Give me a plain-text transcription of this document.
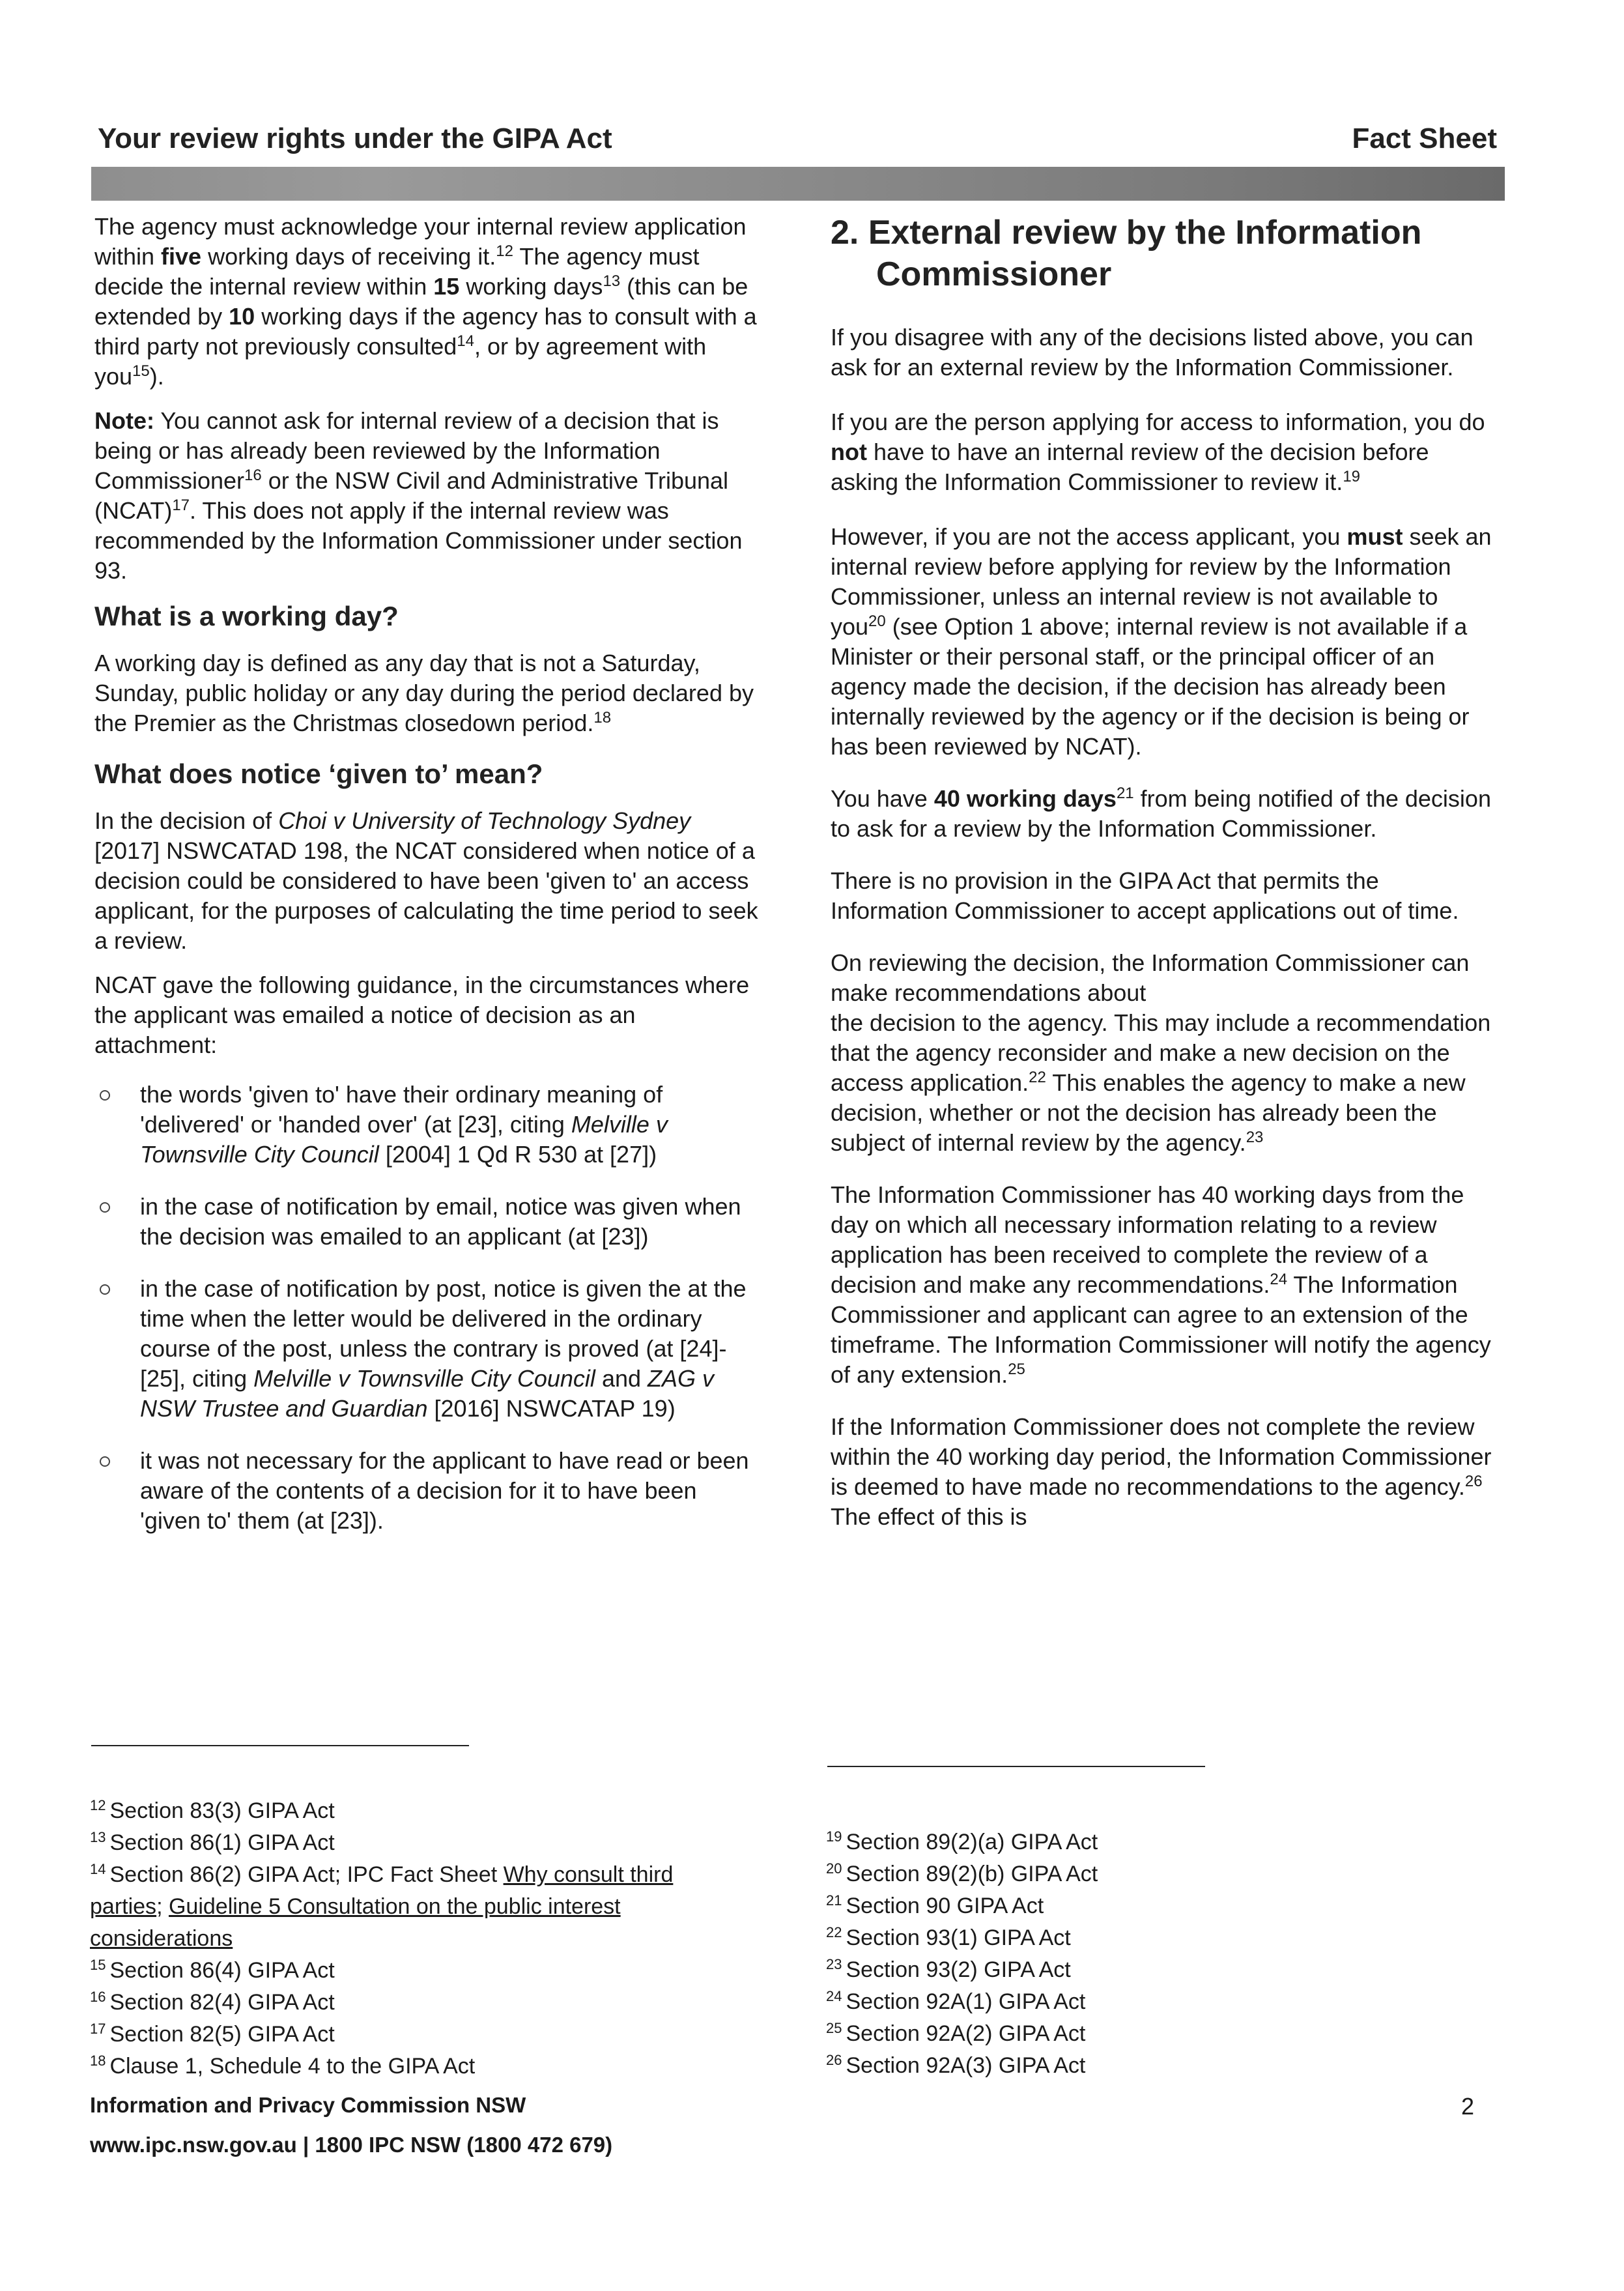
Your review rights under the GIPA Act	Fact Sheet

The agency must acknowledge your internal review application within five working days of receiving it.$^{12}$ The agency must decide the internal review within 15 working days$^{13}$ (this can be extended by 10 working days if the agency has to consult with a third party not previously consulted$^{14}$, or by agreement with you$^{15}$).

Note: You cannot ask for internal review of a decision that is being or has already been reviewed by the Information Commissioner$^{16}$ or the NSW Civil and Administrative Tribunal (NCAT)$^{17}$. This does not apply if the internal review was recommended by the Information Commissioner under section 93.

What is a working day?

A working day is defined as any day that is not a Saturday, Sunday, public holiday or any day during the period declared by the Premier as the Christmas closedown period.$^{18}$

What does notice ‘given to’ mean?

In the decision of Choi v University of Technology Sydney [2017] NSWCATAD 198, the NCAT considered when notice of a decision could be considered to have been 'given to' an access applicant, for the purposes of calculating the time period to seek a review.

NCAT gave the following guidance, in the circumstances where the applicant was emailed a notice of decision as an attachment:

the words 'given to' have their ordinary meaning of 'delivered' or 'handed over' (at [23], citing Melville v Townsville City Council [2004] 1 Qd R 530 at [27])
in the case of notification by email, notice was given when the decision was emailed to an applicant (at [23])
in the case of notification by post, notice is given the at the time when the letter would be delivered in the ordinary course of the post, unless the contrary is proved (at [24]-[25], citing Melville v Townsville City Council and ZAG v NSW Trustee and Guardian [2016] NSWCATAP 19)
it was not necessary for the applicant to have read or been aware of the contents of a decision for it to have been 'given to' them (at [23]).
2. External review by the Information Commissioner

If you disagree with any of the decisions listed above, you can ask for an external review by the Information Commissioner.

If you are the person applying for access to information, you do not have to have an internal review of the decision before asking the Information Commissioner to review it.$^{19}$

However, if you are not the access applicant, you must seek an internal review before applying for review by the Information Commissioner, unless an internal review is not available to you$^{20}$ (see Option 1 above; internal review is not available if a Minister or their personal staff, or the principal officer of an agency made the decision, if the decision has already been internally reviewed by the agency or if the decision is being or has been reviewed by NCAT).

You have 40 working days$^{21}$ from being notified of the decision to ask for a review by the Information Commissioner.

There is no provision in the GIPA Act that permits the Information Commissioner to accept applications out of time.

On reviewing the decision, the Information Commissioner can make recommendations about
the decision to the agency. This may include a recommendation that the agency reconsider and make a new decision on the access application.$^{22}$ This enables the agency to make a new decision, whether or not the decision has already been the subject of internal review by the agency.$^{23}$

The Information Commissioner has 40 working days from the day on which all necessary information relating to a review application has been received to complete the review of a decision and make any recommendations.$^{24}$ The Information Commissioner and applicant can agree to an extension of the timeframe. The Information Commissioner will notify the agency of any extension.$^{25}$

If the Information Commissioner does not complete the review within the 40 working day period, the Information Commissioner is deemed to have made no recommendations to the agency.$^{26}$ The effect of this is

$^{12}$ Section 83(3) GIPA Act
$^{13}$ Section 86(1) GIPA Act
$^{14}$ Section 86(2) GIPA Act; IPC Fact Sheet Why consult third
parties; Guideline 5 Consultation on the public interest
considerations
$^{15}$ Section 86(4) GIPA Act
$^{16}$ Section 82(4) GIPA Act
$^{17}$ Section 82(5) GIPA Act
$^{18}$ Clause 1, Schedule 4 to the GIPA Act
$^{19}$ Section 89(2)(a) GIPA Act
$^{20}$ Section 89(2)(b) GIPA Act
$^{21}$ Section 90 GIPA Act
$^{22}$ Section 93(1) GIPA Act
$^{23}$ Section 93(2) GIPA Act
$^{24}$ Section 92A(1) GIPA Act
$^{25}$ Section 92A(2) GIPA Act
$^{26}$ Section 92A(3) GIPA Act
Information and Privacy Commission NSW
www.ipc.nsw.gov.au | 1800 IPC NSW (1800 472 679)
2
